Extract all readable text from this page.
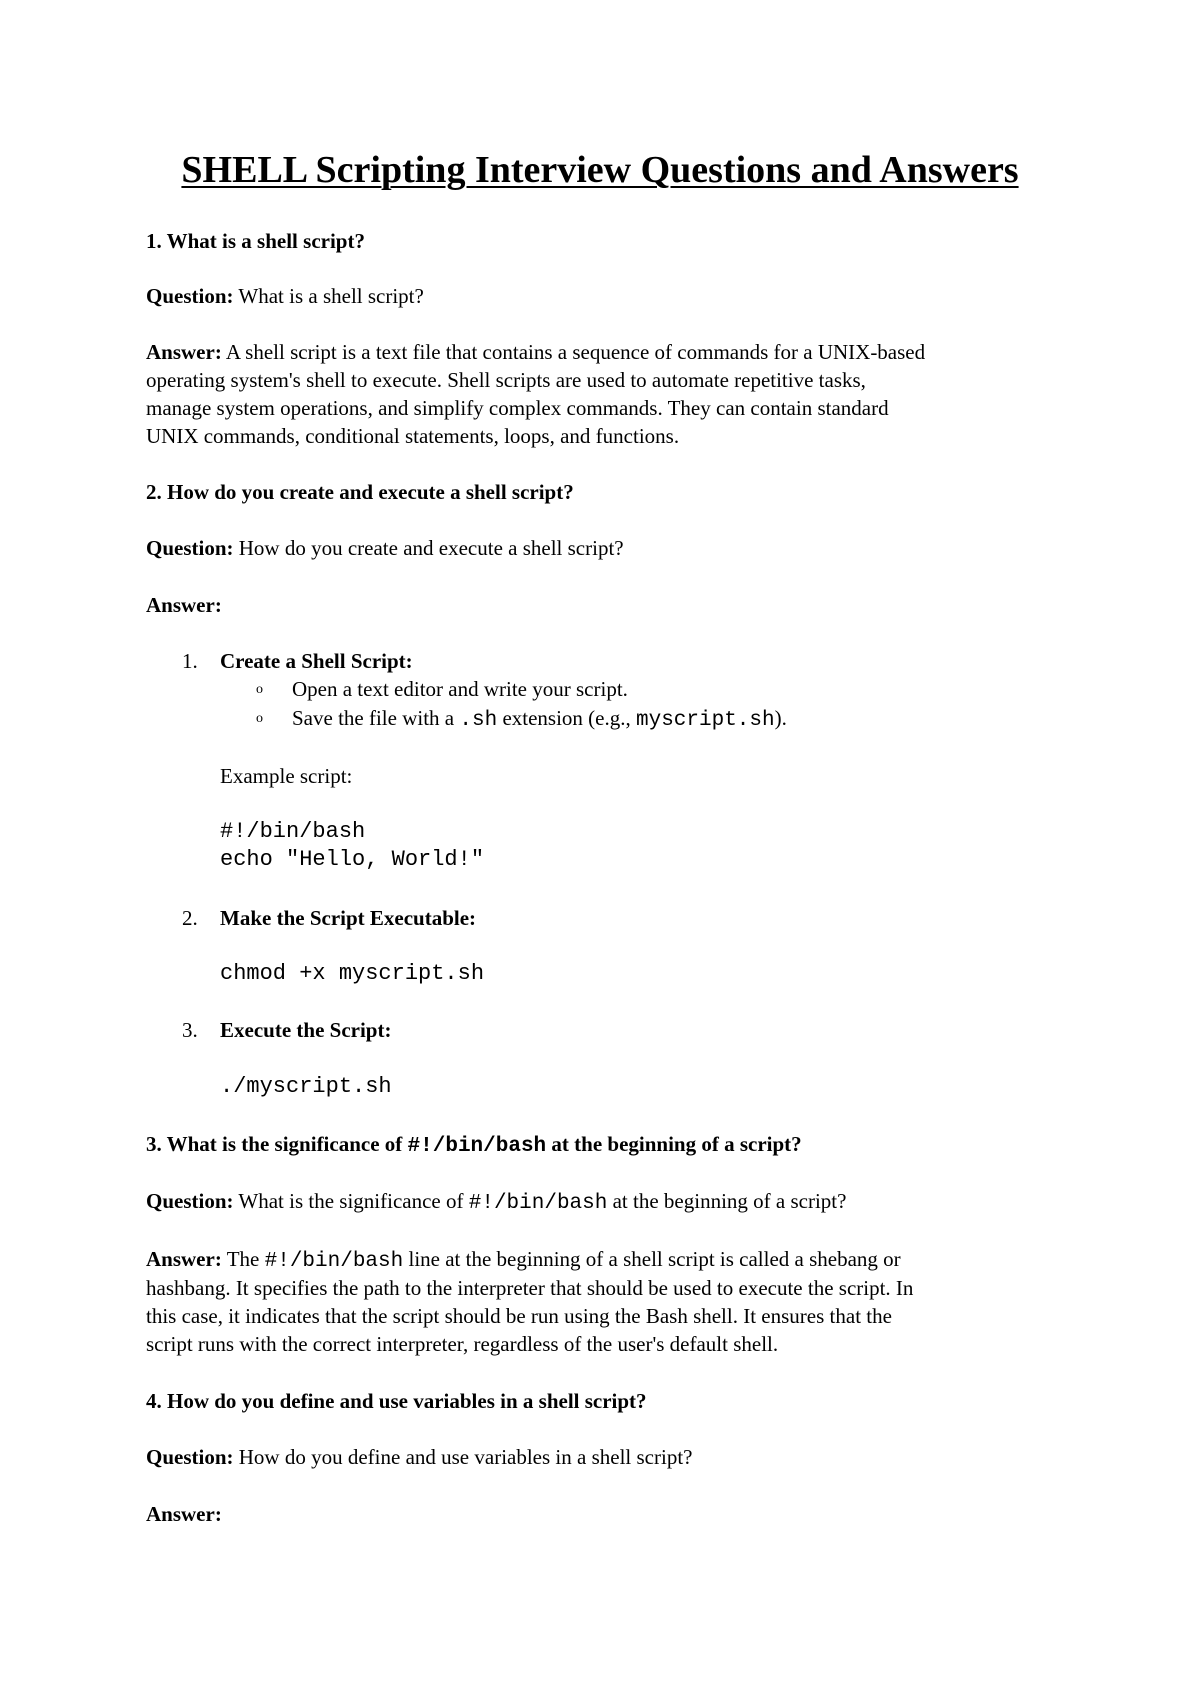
SHELL Scripting Interview Questions and Answers
1. What is a shell script?
Question: What is a shell script?
Answer: A shell script is a text file that contains a sequence of commands for a UNIX-based
operating system's shell to execute. Shell scripts are used to automate repetitive tasks,
manage system operations, and simplify complex commands. They can contain standard
UNIX commands, conditional statements, loops, and functions.
2. How do you create and execute a shell script?
Question: How do you create and execute a shell script?
Answer:
1. Create a Shell Script:
o Open a text editor and write your script.
o Save the file with a .sh extension (e.g., myscript.sh).
Example script:
#!/bin/bash
echo "Hello, World!"
2. Make the Script Executable:
chmod +x myscript.sh
3. Execute the Script:
./myscript.sh
3. What is the significance of #!/bin/bash at the beginning of a script?
Question: What is the significance of #!/bin/bash at the beginning of a script?
Answer: The #!/bin/bash line at the beginning of a shell script is called a shebang or
hashbang. It specifies the path to the interpreter that should be used to execute the script. In
this case, it indicates that the script should be run using the Bash shell. It ensures that the
script runs with the correct interpreter, regardless of the user's default shell.
4. How do you define and use variables in a shell script?
Question: How do you define and use variables in a shell script?
Answer:
